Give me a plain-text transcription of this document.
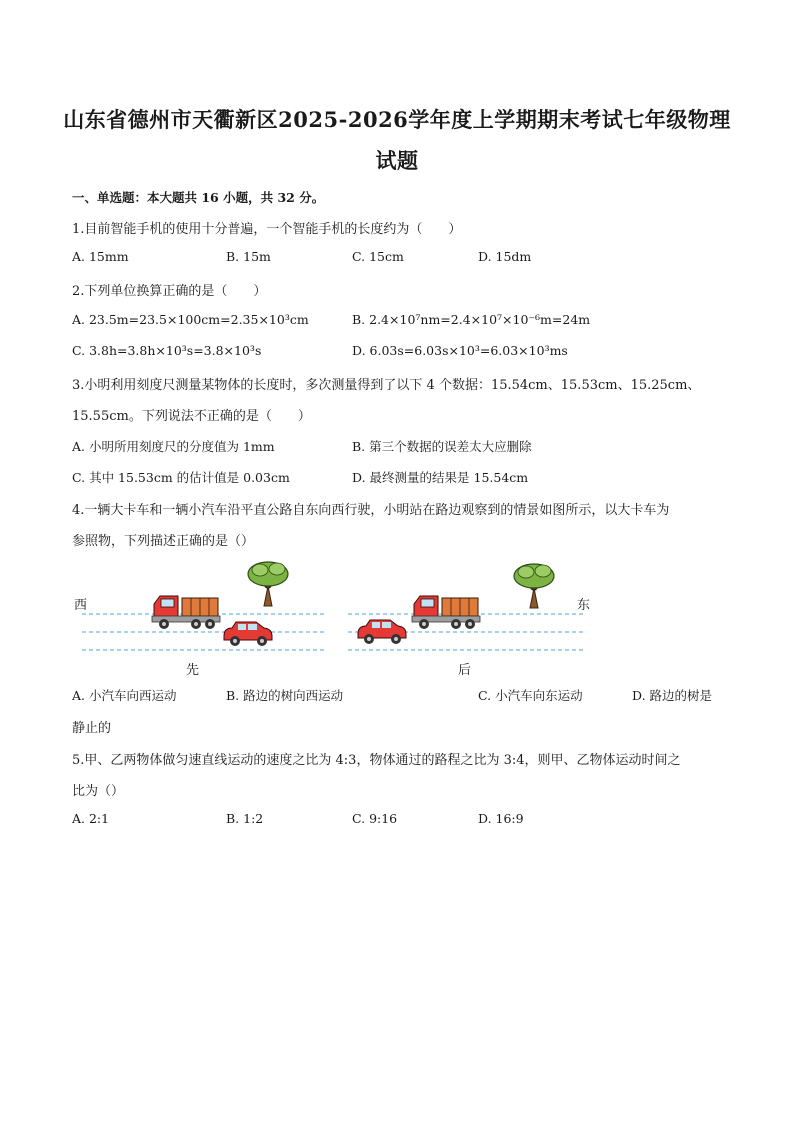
山东省德州市天衢新区2025-2026学年度上学期期末考试七年级物理
试题
一、单选题：本大题共 16 小题，共 32 分。
1.目前智能手机的使用十分普遍，一个智能手机的长度约为（　　）
A. 15mm	B. 15m	C. 15cm	D. 15dm
2.下列单位换算正确的是（　　）
A. 23.5m=23.5×100cm=2.35×10³cm	B. 2.4×10⁷nm=2.4×10⁷×10⁻⁶m=24m
C. 3.8h=3.8h×10³s=3.8×10³s	D. 6.03s=6.03s×10³=6.03×10³ms
3.小明利用刻度尺测量某物体的长度时，多次测量得到了以下 4 个数据：15.54cm、15.53cm、15.25cm、
15.55cm。下列说法不正确的是（　　）
A. 小明所用刻度尺的分度值为 1mm	B. 第三个数据的误差太大应删除
C. 其中 15.53cm 的估计值是 0.03cm	D. 最终测量的结果是 15.54cm
4.一辆大卡车和一辆小汽车沿平直公路自东向西行驶，小明站在路边观察到的情景如图所示，以大卡车为
参照物，下列描述正确的是（）
西	东
先	后
A. 小汽车向西运动	B. 路边的树向西运动	C. 小汽车向东运动	D. 路边的树是
静止的
5.甲、乙两物体做匀速直线运动的速度之比为 4:3，物体通过的路程之比为 3:4，则甲、乙物体运动时间之
比为（）
A. 2:1	B. 1:2	C. 9:16	D. 16:9
